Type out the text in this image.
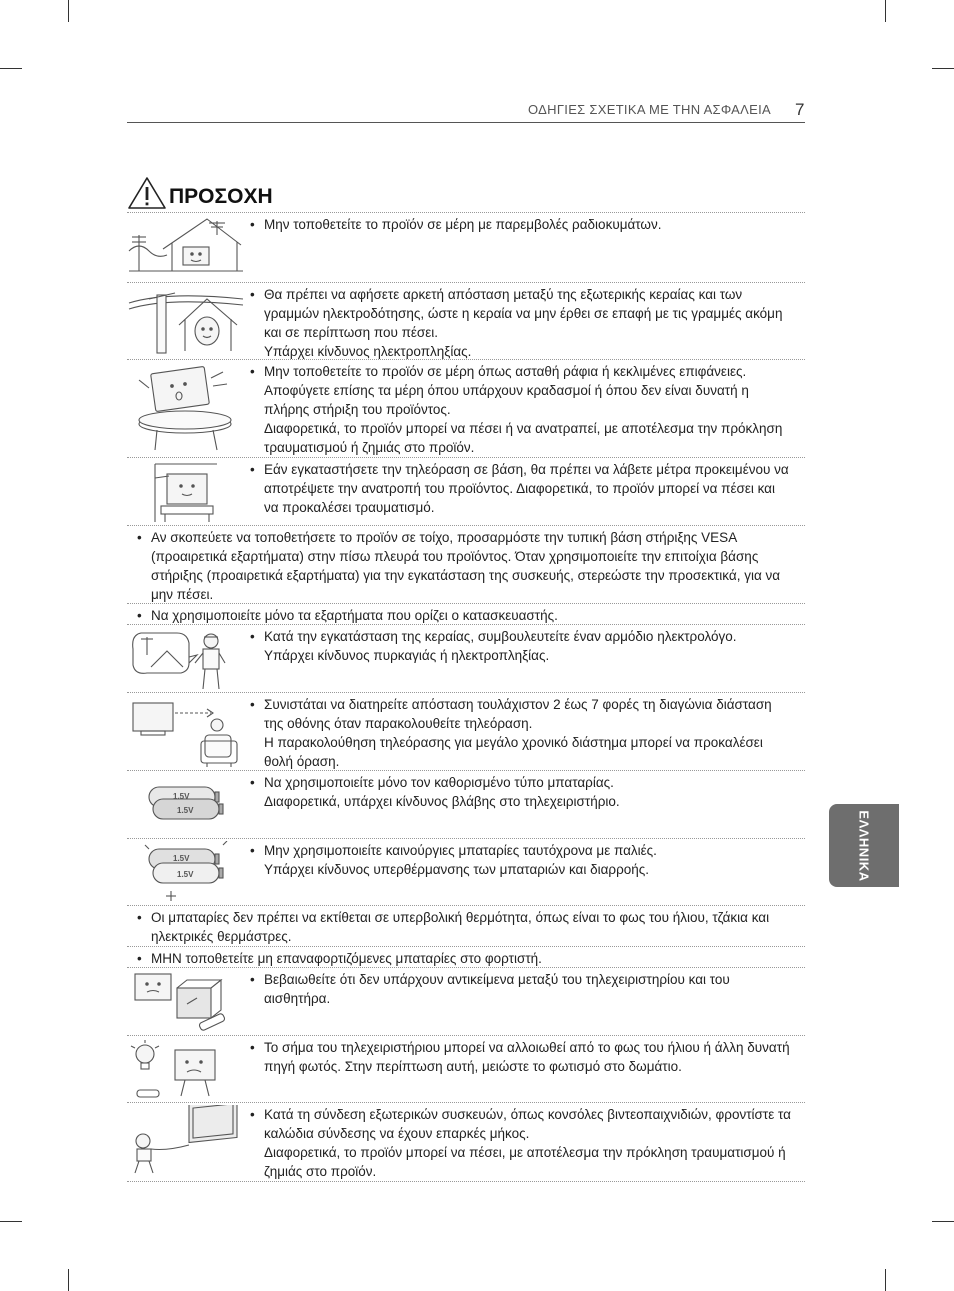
ΟΔΗΓΙΕΣ ΣΧΕΤΙΚΑ ΜΕ ΤΗΝ ΑΣΦΑΛΕΙΑ 7
ΠΡΟΣΟΧΗ
• Μην τοποθετείτε το προϊόν σε μέρη με παρεμβολές ραδιοκυμάτων.
• Θα πρέπει να αφήσετε αρκετή απόσταση μεταξύ της εξωτερικής κεραίας και των γραμμών ηλεκτροδότησης, ώστε η κεραία να μην έρθει σε επαφή με τις γραμμές ακόμη και σε περίπτωση που πέσει.
Υπάρχει κίνδυνος ηλεκτροπληξίας.
• Μην τοποθετείτε το προϊόν σε μέρη όπως ασταθή ράφια ή κεκλιμένες επιφάνειες. Αποφύγετε επίσης τα μέρη όπου υπάρχουν κραδασμοί ή όπου δεν είναι δυνατή η πλήρης στήριξη του προϊόντος.
Διαφορετικά, το προϊόν μπορεί να πέσει ή να ανατραπεί, με αποτέλεσμα την πρόκληση τραυματισμού ή ζημιάς στο προϊόν.
• Εάν εγκαταστήσετε την τηλεόραση σε βάση, θα πρέπει να λάβετε μέτρα προκειμένου να αποτρέψετε την ανατροπή του προϊόντος. Διαφορετικά, το προϊόν μπορεί να πέσει και να προκαλέσει τραυματισμό.
• Αν σκοπεύετε να τοποθετήσετε το προϊόν σε τοίχο, προσαρμόστε την τυπική βάση στήριξης VESA (προαιρετικά εξαρτήματα) στην πίσω πλευρά του προϊόντος. Όταν χρησιμοποιείτε την επιτοίχια βάσης στήριξης (προαιρετικά εξαρτήματα) για την εγκατάσταση της συσκευής, στερεώστε την προσεκτικά, για να μην πέσει.
• Να χρησιμοποιείτε μόνο τα εξαρτήματα που ορίζει ο κατασκευαστής.
• Κατά την εγκατάσταση της κεραίας, συμβουλευτείτε έναν αρμόδιο ηλεκτρολόγο.
Υπάρχει κίνδυνος πυρκαγιάς ή ηλεκτροπληξίας.
• Συνιστάται να διατηρείτε απόσταση τουλάχιστον 2 έως 7 φορές τη διαγώνια διάσταση της οθόνης όταν παρακολουθείτε τηλεόραση.
Η παρακολούθηση τηλεόρασης για μεγάλο χρονικό διάστημα μπορεί να προκαλέσει θολή όραση.
1.5V
1.5V
• Να χρησιμοποιείτε μόνο τον καθορισμένο τύπο μπαταρίας.
Διαφορετικά, υπάρχει κίνδυνος βλάβης στο τηλεχειριστήριο.
1.5V
1.5V
• Μην χρησιμοποιείτε καινούργιες μπαταρίες ταυτόχρονα με παλιές.
Υπάρχει κίνδυνος υπερθέρμανσης των μπαταριών και διαρροής.
• Οι μπαταρίες δεν πρέπει να εκτίθεται σε υπερβολική θερμότητα, όπως είναι το φως του ήλιου, τζάκια και ηλεκτρικές θερμάστρες.
• ΜΗΝ τοποθετείτε μη επαναφορτιζόμενες μπαταρίες στο φορτιστή.
• Βεβαιωθείτε ότι δεν υπάρχουν αντικείμενα μεταξύ του τηλεχειριστηρίου και του αισθητήρα.
• Το σήμα του τηλεχειριστήριου μπορεί να αλλοιωθεί από το φως του ήλιου ή άλλη δυνατή πηγή φωτός. Στην περίπτωση αυτή, μειώστε το φωτισμό στο δωμάτιο.
• Κατά τη σύνδεση εξωτερικών συσκευών, όπως κονσόλες βιντεοπαιχνιδιών, φροντίστε τα καλώδια σύνδεσης να έχουν επαρκές μήκος.
Διαφορετικά, το προϊόν μπορεί να πέσει, με αποτέλεσμα την πρόκληση τραυματισμού ή ζημιάς στο προϊόν.
ΕΛΛΗΝΙΚΑ
